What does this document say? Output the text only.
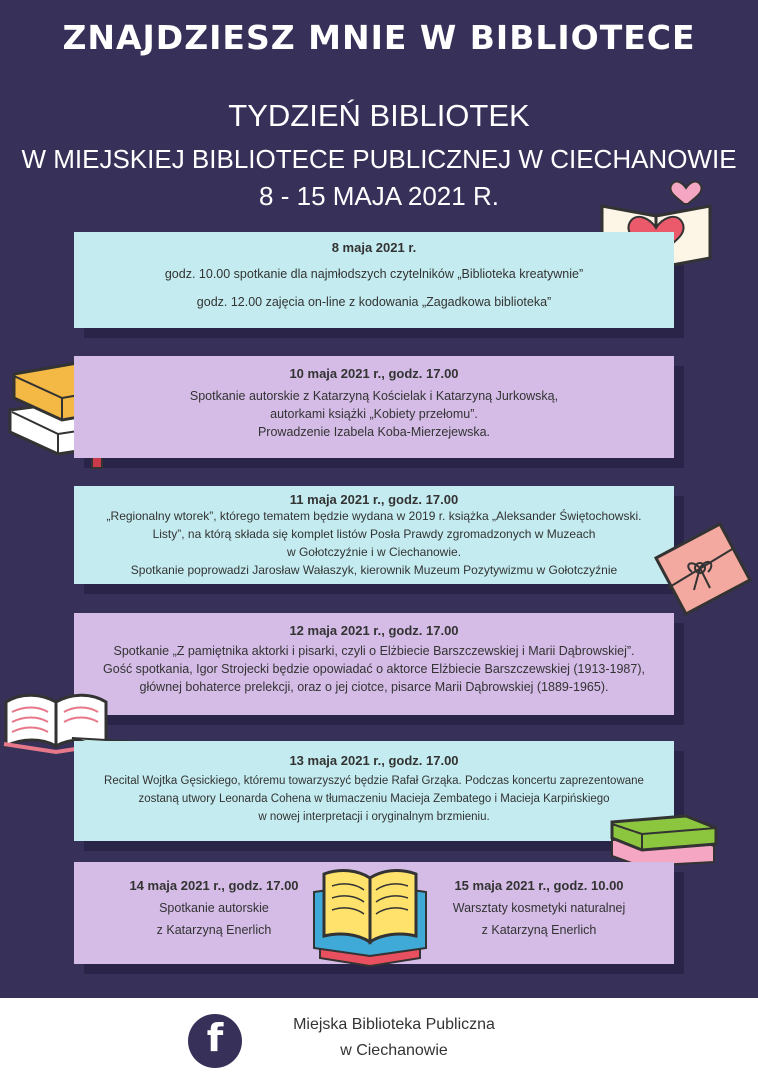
ZNAJDZIESZ MNIE W BIBLIOTECE
TYDZIEŃ BIBLIOTEK
W MIEJSKIEJ BIBLIOTECE PUBLICZNEJ W CIECHANOWIE
8 - 15 MAJA 2021 R.
8 maja 2021 r.
godz. 10.00 spotkanie dla najmłodszych czytelników „Biblioteka kreatywnie”
godz. 12.00 zajęcia on-line z kodowania „Zagadkowa biblioteka”
10 maja 2021 r., godz. 17.00
Spotkanie autorskie z Katarzyną Kościelak i Katarzyną Jurkowską,
autorkami książki „Kobiety przełomu”.
Prowadzenie Izabela Koba-Mierzejewska.
11 maja 2021 r., godz. 17.00
„Regionalny wtorek”, którego tematem będzie wydana w 2019 r. książka „Aleksander Świętochowski.
Listy”, na którą składa się komplet listów Posła Prawdy zgromadzonych w Muzeach
w Gołotczyźnie i w Ciechanowie.
Spotkanie poprowadzi Jarosław Wałaszyk, kierownik Muzeum Pozytywizmu w Gołotczyźnie
12 maja 2021 r., godz. 17.00
Spotkanie „Z pamiętnika aktorki i pisarki, czyli o Elżbiecie Barszczewskiej i Marii Dąbrowskiej”.
Gość spotkania, Igor Strojecki będzie opowiadać o aktorce Elżbiecie Barszczewskiej (1913-1987),
głównej bohaterce prelekcji, oraz o jej ciotce, pisarce Marii Dąbrowskiej (1889-1965).
13 maja 2021 r., godz. 17.00
Recital Wojtka Gęsickiego, któremu towarzyszyć będzie Rafał Grząka. Podczas koncertu zaprezentowane
zostaną utwory Leonarda Cohena w tłumaczeniu Macieja Zembatego i Macieja Karpińskiego
w nowej interpretacji i oryginalnym brzmieniu.
14 maja 2021 r., godz. 17.00
Spotkanie autorskie
z Katarzyną Enerlich
15 maja 2021 r., godz. 10.00
Warsztaty kosmetyki naturalnej
z Katarzyną Enerlich
f	Miejska Biblioteka Publiczna
w Ciechanowie
